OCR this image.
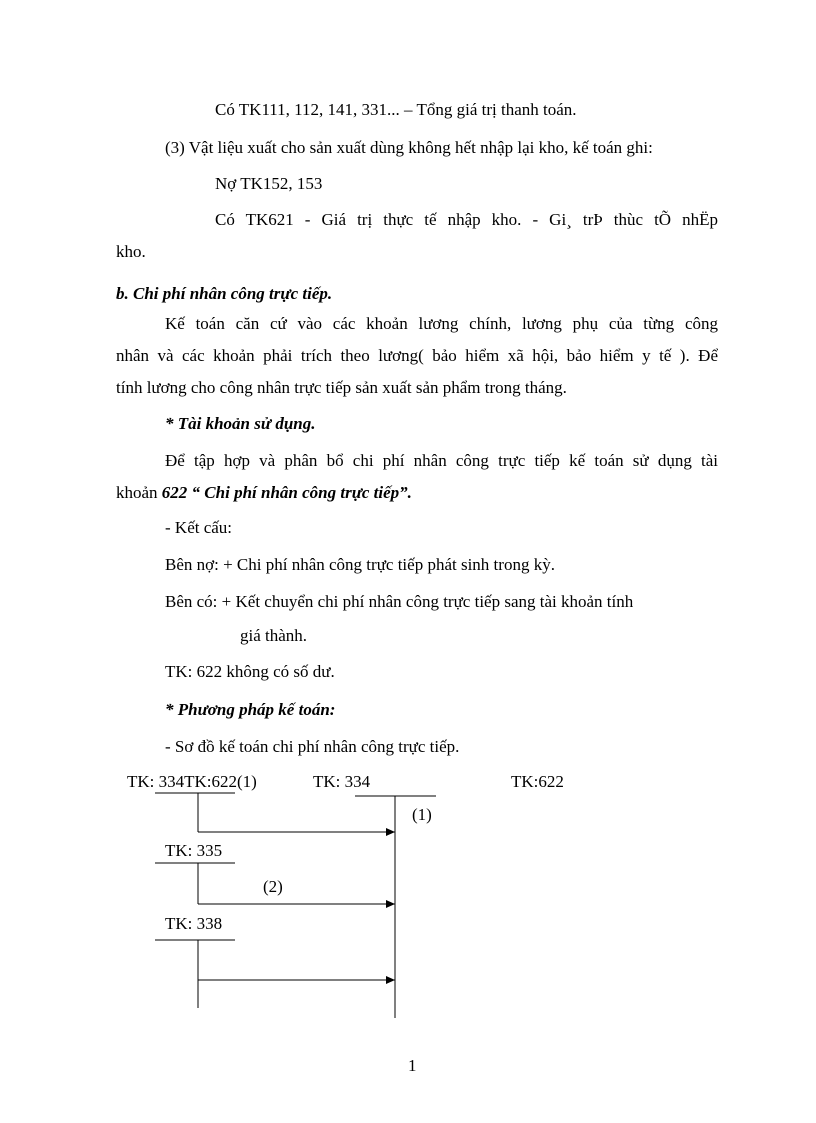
Có TK111, 112, 141, 331... – Tổng giá trị thanh toán.
(3) Vật liệu xuất cho sản xuất dùng không hết nhập lại kho, kế toán ghi:
Nợ TK152, 153
Có TK621 - Giá trị thực tế nhập kho. - Gi¸ trÞ thùc tÕ nhËp
kho.
b. Chi phí nhân công trực tiếp.
Kế toán căn cứ vào các khoản lương chính, lương phụ của từng công
nhân và các khoản phải trích theo lương( bảo hiểm xã hội, bảo hiểm y tế ). Để
tính lương cho công nhân trực tiếp sản xuất sản phẩm trong tháng.
* Tài khoản sử dụng.
Để tập hợp và phân bổ chi phí nhân công trực tiếp kế toán sử dụng tài
khoản 622 “ Chi phí nhân công trực tiếp”.
- Kết cấu:
Bên nợ: + Chi phí nhân công trực tiếp phát sinh trong kỳ.
Bên có: + Kết chuyển chi phí nhân công trực tiếp sang tài khoản tính
giá thành.
TK: 622 không có số dư.
* Phương pháp kế toán:
- Sơ đồ kế toán chi phí nhân công trực tiếp.
TK: 334TK:622(1)	TK: 334	TK:622
(1)
TK: 335
(2)
TK: 338
1
